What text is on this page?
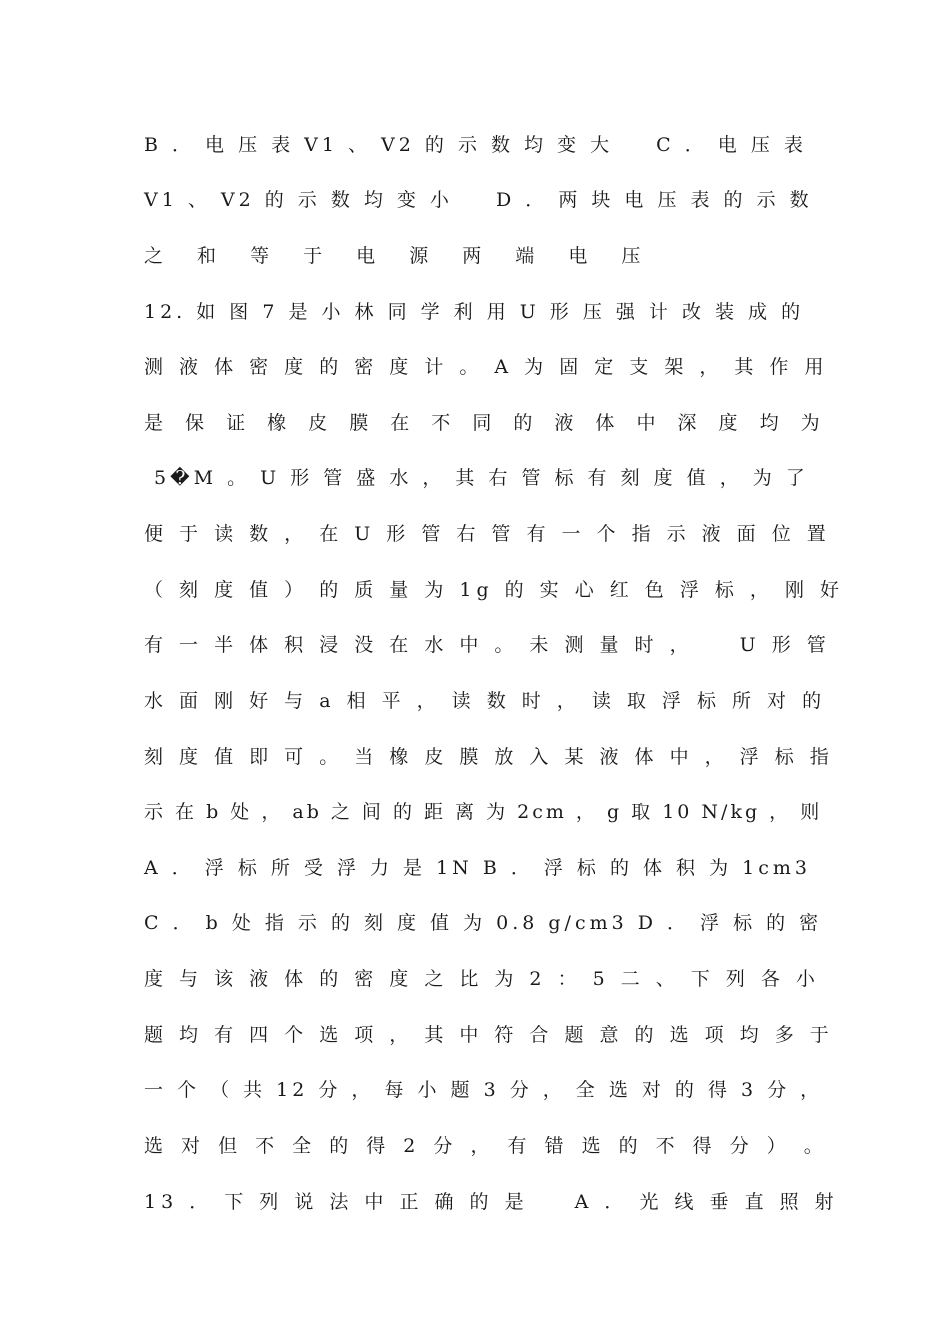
B ． 电 压 表 V1 、 V2 的 示 数 均 变 大 　 C ． 电 压 表
V1 、 V2 的 示 数 均 变 小 　 D ． 两 块 电 压 表 的 示 数
之 和 等 于 电 源 两 端 电 压
12. 如 图 7 是 小 林 同 学 利 用 U 形 压 强 计 改 装 成 的
测 液 体 密 度 的 密 度 计 。 A 为 固 定 支 架 ， 其 作 用
是 保 证 橡 皮 膜 在 不 同 的 液 体 中 深 度 均 为
5�M 。 U 形 管 盛 水 ， 其 右 管 标 有 刻 度 值 ， 为 了
便 于 读 数 ， 在 U 形 管 右 管 有 一 个 指 示 液 面 位 置
（ 刻 度 值 ） 的 质 量 为 1g 的 实 心 红 色 浮 标 ， 刚 好
有 一 半 体 积 浸 没 在 水 中 。 未 测 量 时 ， 　 U 形 管
水 面 刚 好 与 a 相 平 ， 读 数 时 ， 读 取 浮 标 所 对 的
刻 度 值 即 可 。 当 橡 皮 膜 放 入 某 液 体 中 ， 浮 标 指
示 在 b 处 ， ab 之 间 的 距 离 为 2cm ， g 取 10 N/kg ， 则
A ． 浮 标 所 受 浮 力 是 1N B ． 浮 标 的 体 积 为 1cm3
C ． b 处 指 示 的 刻 度 值 为 0.8 g/cm3 D ． 浮 标 的 密
度 与 该 液 体 的 密 度 之 比 为 2 ： 5 二 、 下 列 各 小
题 均 有 四 个 选 项 ， 其 中 符 合 题 意 的 选 项 均 多 于
一 个 （ 共 12 分 ， 每 小 题 3 分 ， 全 选 对 的 得 3 分 ，
选 对 但 不 全 的 得 2 分 ， 有 错 选 的 不 得 分 ） 。
13 ． 下 列 说 法 中 正 确 的 是 　 A ． 光 线 垂 直 照 射
